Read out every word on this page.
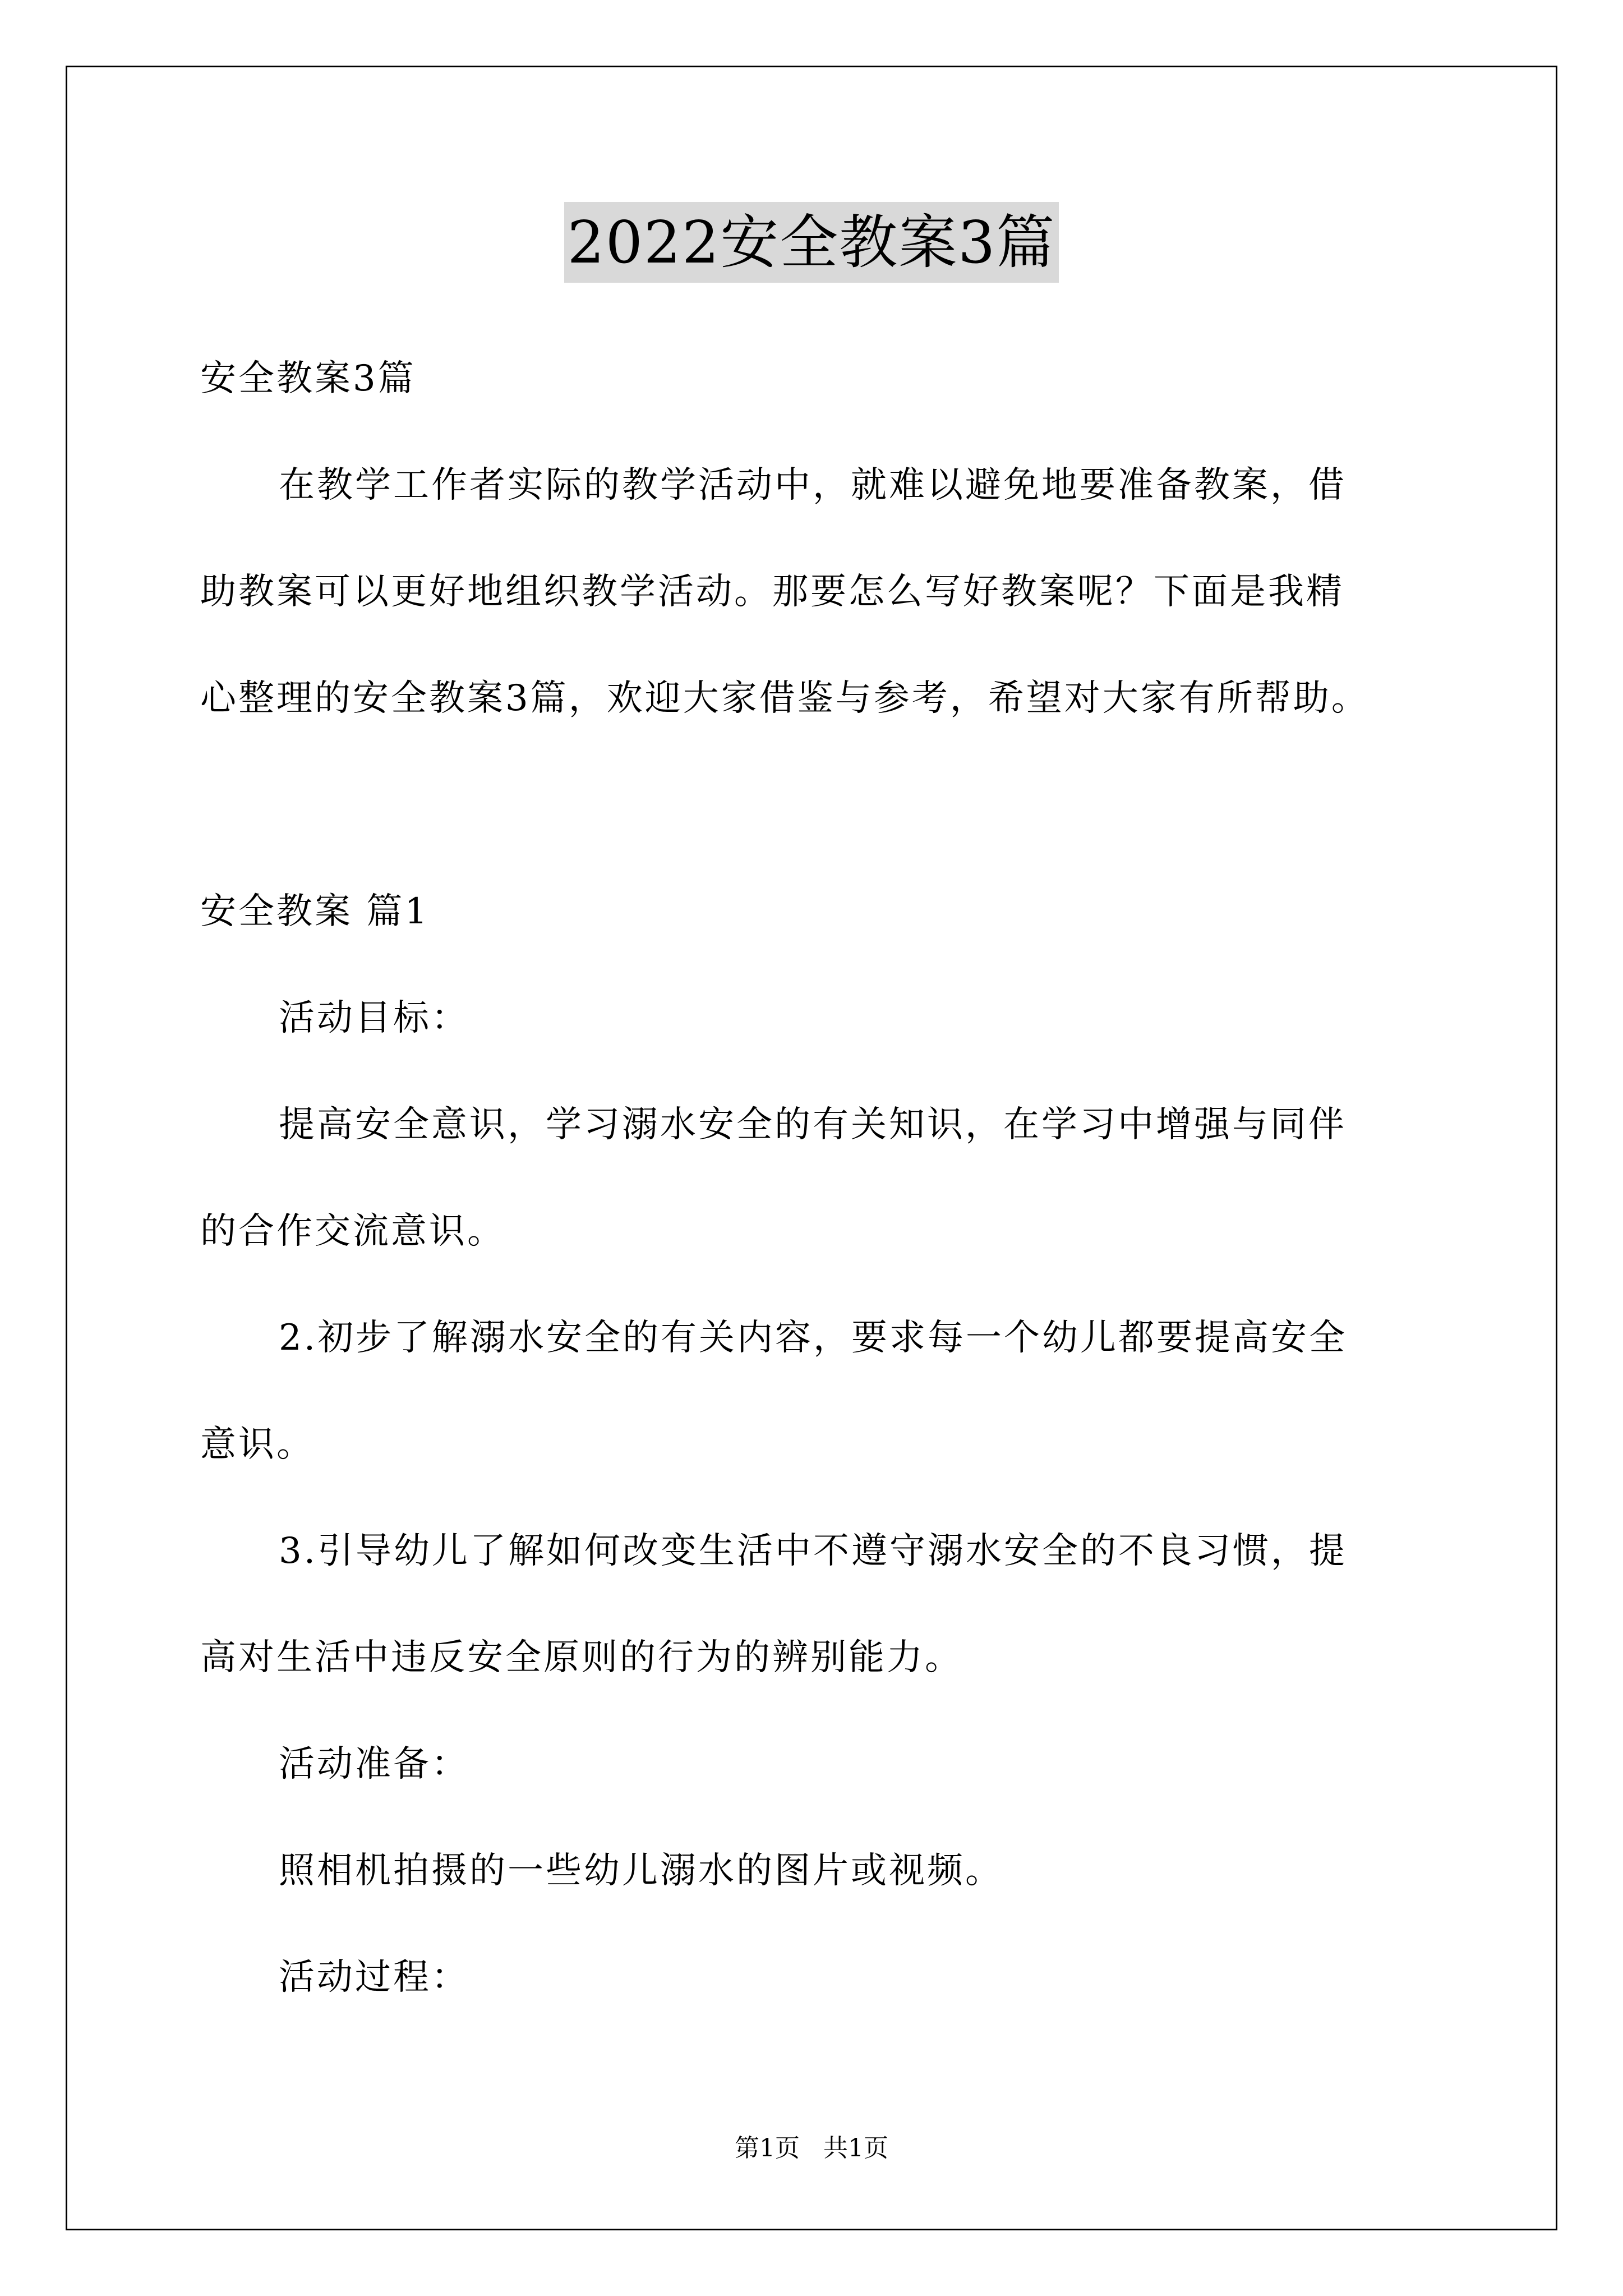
2022安全教案3篇
安全教案3篇
在教学工作者实际的教学活动中，就难以避免地要准备教案，借
助教案可以更好地组织教学活动。那要怎么写好教案呢？下面是我精
心整理的安全教案3篇，欢迎大家借鉴与参考，希望对大家有所帮助。
安全教案 篇1
活动目标：
提高安全意识，学习溺水安全的有关知识，在学习中增强与同伴
的合作交流意识。
2.初步了解溺水安全的有关内容，要求每一个幼儿都要提高安全
意识。
3.引导幼儿了解如何改变生活中不遵守溺水安全的不良习惯，提
高对生活中违反安全原则的行为的辨别能力。
活动准备：
照相机拍摄的一些幼儿溺水的图片或视频。
活动过程：
第1页   共1页
